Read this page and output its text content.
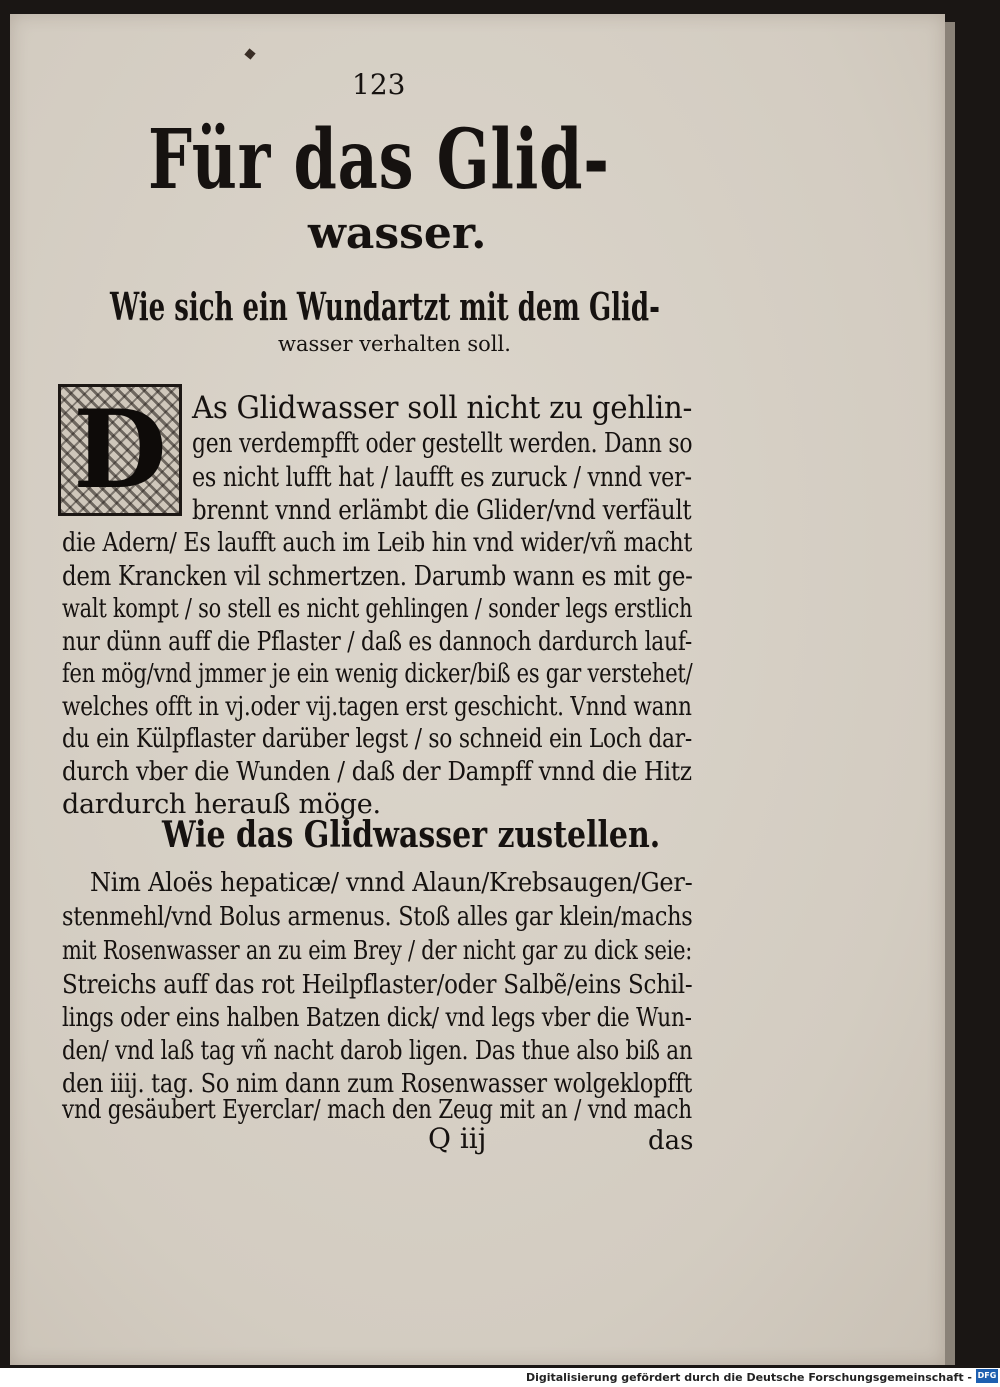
123
Für das Glid-
wasser.
Wie sich ein Wundartzt mit dem Glid-
wasser verhalten soll.
D As Glidwasser soll nicht zu gehlin-
gen verdempfft oder gestellt werden. Dann so
es nicht lufft hat / laufft es zuruck / vnnd ver-
brennt vnnd erlämbt die Glider/vnd verfäult
die Adern/ Es laufft auch im Leib hin vnd wider/vñ macht
dem Krancken vil schmertzen. Darumb wann es mit ge-
walt kompt / so stell es nicht gehlingen / sonder legs erstlich
nur dünn auff die Pflaster / daß es dannoch dardurch lauf-
fen mög/vnd jmmer je ein wenig dicker/biß es gar verstehet/
welches offt in vj.oder vij.tagen erst geschicht. Vnnd wann
du ein Külpflaster darüber legst / so schneid ein Loch dar-
durch vber die Wunden / daß der Dampff vnnd die Hitz
dardurch herauß möge.
Wie das Glidwasser zustellen.
Nim Aloës hepaticæ/ vnnd Alaun/Krebsaugen/Ger-
stenmehl/vnd Bolus armenus. Stoß alles gar klein/machs
mit Rosenwasser an zu eim Brey / der nicht gar zu dick seie:
Streichs auff das rot Heilpflaster/oder Salbẽ/eins Schil-
lings oder eins halben Batzen dick/ vnd legs vber die Wun-
den/ vnd laß tag vñ nacht darob ligen. Das thue also biß an
den iiij. tag. So nim dann zum Rosenwasser wolgeklopfft
vnd gesäubert Eyerclar/ mach den Zeug mit an / vnd mach
Q iij	das
Digitalisierung gefördert durch die Deutsche Forschungsgemeinschaft - DFG
